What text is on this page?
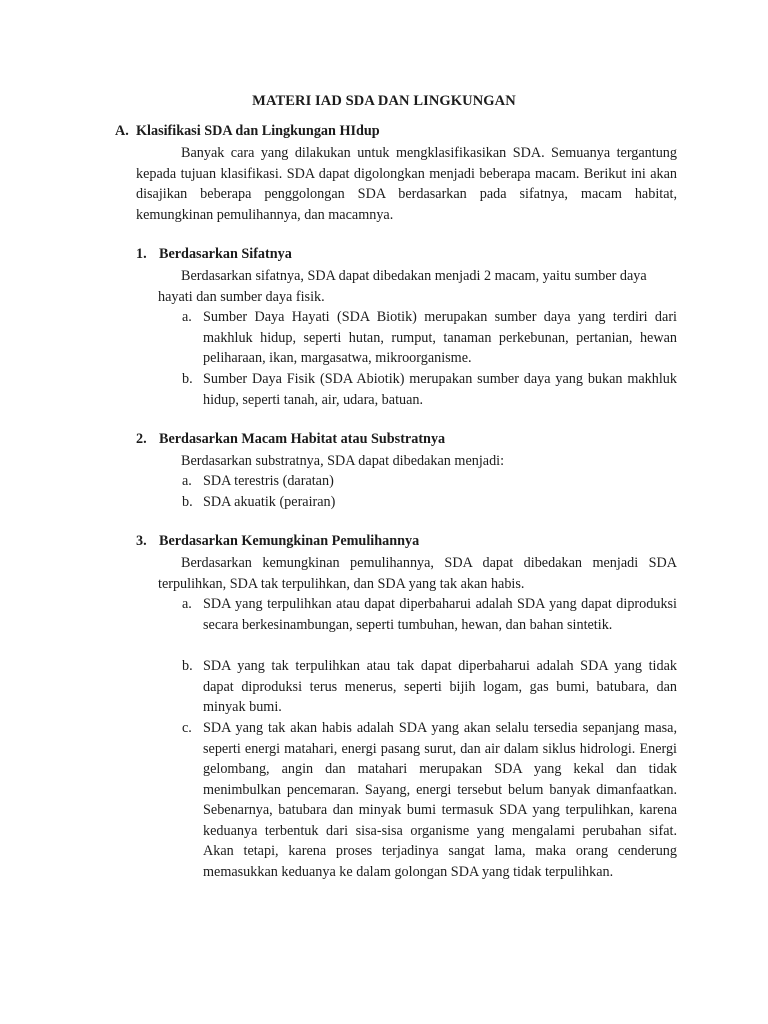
MATERI IAD SDA DAN LINGKUNGAN
A. Klasifikasi SDA dan Lingkungan HIdup
Banyak cara yang dilakukan untuk mengklasifikasikan SDA. Semuanya tergantung kepada tujuan klasifikasi. SDA dapat digolongkan menjadi beberapa macam. Berikut ini akan disajikan beberapa penggolongan SDA berdasarkan pada sifatnya, macam habitat, kemungkinan pemulihannya, dan macamnya.
1. Berdasarkan Sifatnya
Berdasarkan sifatnya, SDA dapat dibedakan menjadi 2 macam, yaitu sumber daya hayati dan sumber daya fisik.
a. Sumber Daya Hayati (SDA Biotik) merupakan sumber daya yang terdiri dari makhluk hidup, seperti hutan, rumput, tanaman perkebunan, pertanian, hewan peliharaan, ikan, margasatwa, mikroorganisme.
b. Sumber Daya Fisik (SDA Abiotik) merupakan sumber daya yang bukan makhluk hidup, seperti tanah, air, udara, batuan.
2. Berdasarkan Macam Habitat atau Substratnya
Berdasarkan substratnya, SDA dapat dibedakan menjadi:
a. SDA terestris (daratan)
b. SDA akuatik (perairan)
3. Berdasarkan Kemungkinan Pemulihannya
Berdasarkan kemungkinan pemulihannya, SDA dapat dibedakan menjadi SDA terpulihkan, SDA tak terpulihkan, dan SDA yang tak akan habis.
a. SDA yang terpulihkan atau dapat diperbaharui adalah SDA yang dapat diproduksi secara berkesinambungan, seperti tumbuhan, hewan, dan bahan sintetik.
b. SDA yang tak terpulihkan atau tak dapat diperbaharui adalah SDA yang tidak dapat diproduksi terus menerus, seperti bijih logam, gas bumi, batubara, dan minyak bumi.
c. SDA yang tak akan habis adalah SDA yang akan selalu tersedia sepanjang masa, seperti energi matahari, energi pasang surut, dan air dalam siklus hidrologi. Energi gelombang, angin dan matahari merupakan SDA yang kekal dan tidak menimbulkan pencemaran. Sayang, energi tersebut belum banyak dimanfaatkan. Sebenarnya, batubara dan minyak bumi termasuk SDA yang terpulihkan, karena keduanya terbentuk dari sisa-sisa organisme yang mengalami perubahan sifat. Akan tetapi, karena proses terjadinya sangat lama, maka orang cenderung memasukkan keduanya ke dalam golongan SDA yang tidak terpulihkan.
